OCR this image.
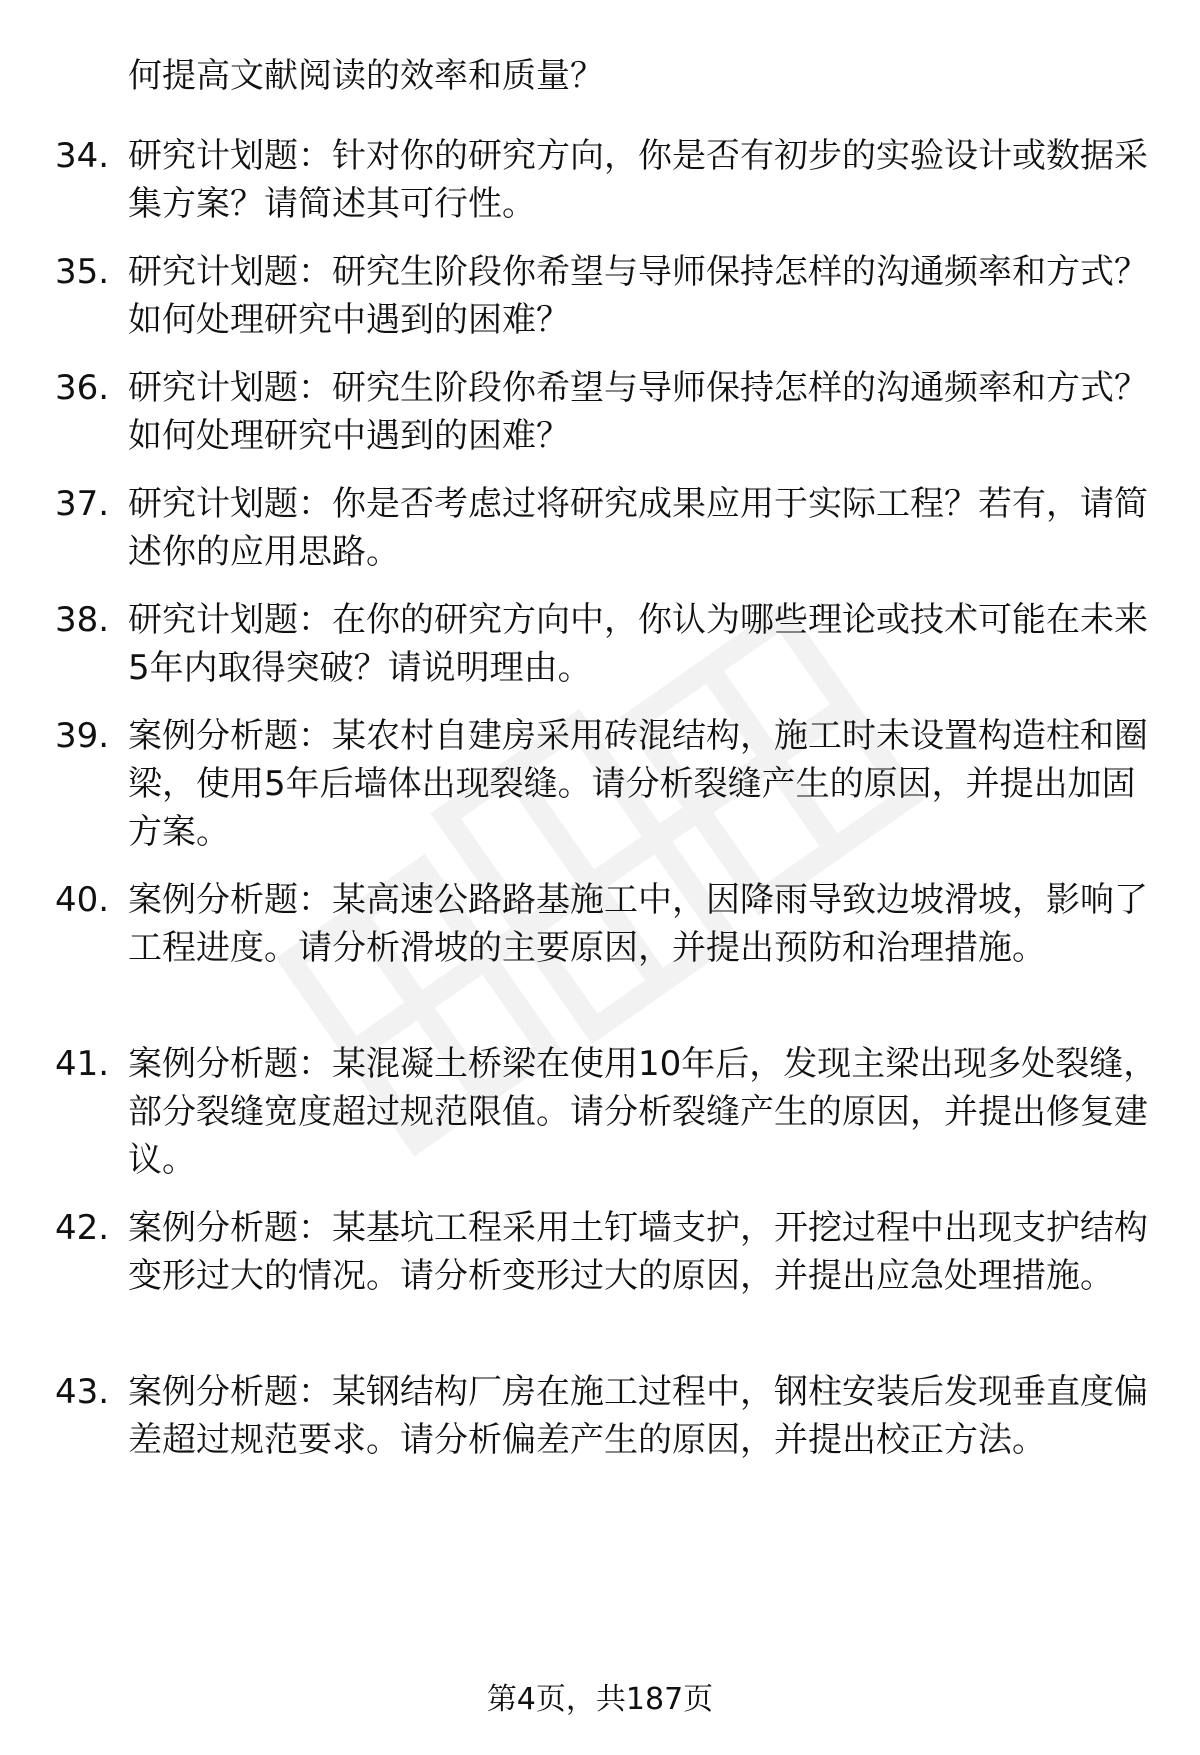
何提高文献阅读的效率和质量？
34. 研究计划题：针对你的研究方向，你是否有初步的实验设计或数据采集方案？请简述其可行性。
35. 研究计划题：研究生阶段你希望与导师保持怎样的沟通频率和方式？如何处理研究中遇到的困难？
36. 研究计划题：研究生阶段你希望与导师保持怎样的沟通频率和方式？如何处理研究中遇到的困难？
37. 研究计划题：你是否考虑过将研究成果应用于实际工程？若有，请简述你的应用思路。
38. 研究计划题：在你的研究方向中，你认为哪些理论或技术可能在未来5年内取得突破？请说明理由。
39. 案例分析题：某农村自建房采用砖混结构，施工时未设置构造柱和圈梁，使用5年后墙体出现裂缝。请分析裂缝产生的原因，并提出加固方案。
40. 案例分析题：某高速公路路基施工中，因降雨导致边坡滑坡，影响了工程进度。请分析滑坡的主要原因，并提出预防和治理措施。
41. 案例分析题：某混凝土桥梁在使用10年后，发现主梁出现多处裂缝，部分裂缝宽度超过规范限值。请分析裂缝产生的原因，并提出修复建议。
42. 案例分析题：某基坑工程采用土钉墙支护，开挖过程中出现支护结构变形过大的情况。请分析变形过大的原因，并提出应急处理措施。
43. 案例分析题：某钢结构厂房在施工过程中，钢柱安装后发现垂直度偏差超过规范要求。请分析偏差产生的原因，并提出校正方法。
第4页，共187页
